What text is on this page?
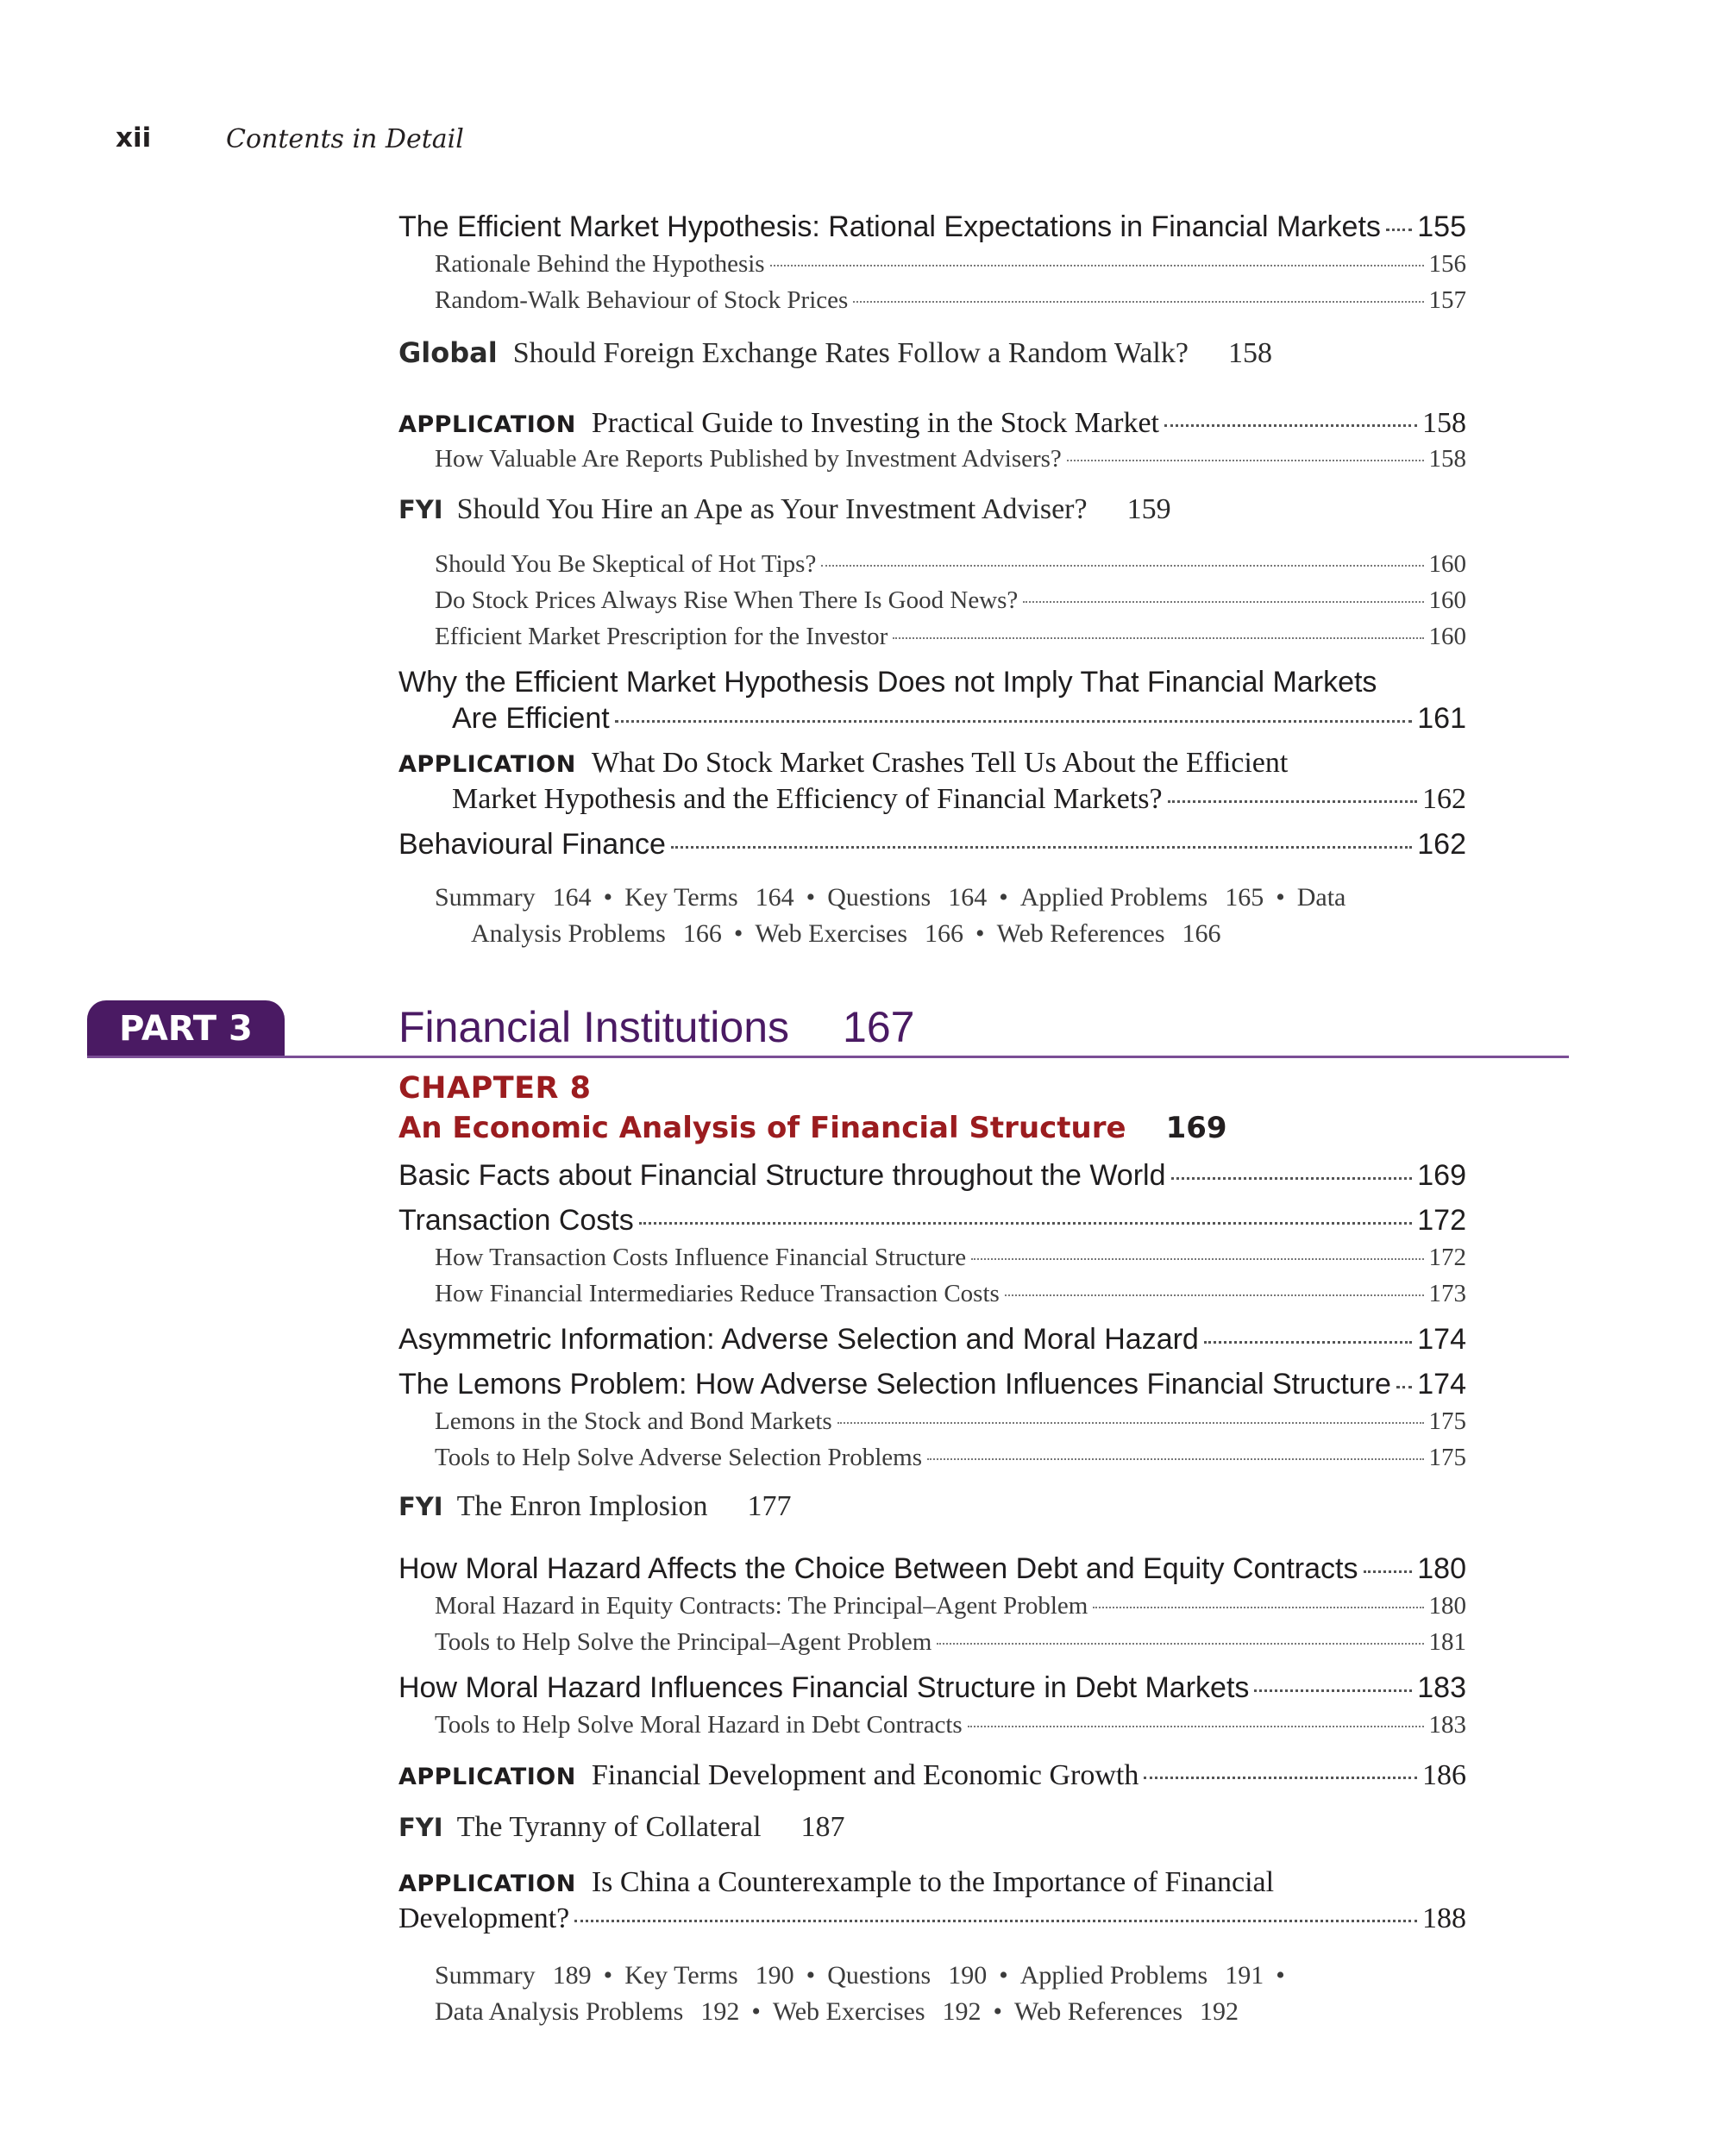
xii	Contents in Detail
The Efficient Market Hypothesis: Rational Expectations in Financial Markets 155
Rationale Behind the Hypothesis	156
Random-Walk Behaviour of Stock Prices	157
Global Should Foreign Exchange Rates Follow a Random Walk? 158
APPLICATION Practical Guide to Investing in the Stock Market	158
How Valuable Are Reports Published by Investment Advisers?	158
FYI Should You Hire an Ape as Your Investment Adviser? 159
Should You Be Skeptical of Hot Tips?	160
Do Stock Prices Always Rise When There Is Good News?	160
Efficient Market Prescription for the Investor	160
Why the Efficient Market Hypothesis Does not Imply That Financial Markets
Are Efficient	161
APPLICATION What Do Stock Market Crashes Tell Us About the Efficient
Market Hypothesis and the Efficiency of Financial Markets?	162
Behavioural Finance	162
Summary 164 • Key Terms 164 • Questions 164 • Applied Problems 165 • Data
Analysis Problems 166 • Web Exercises 166 • Web References 166
PART 3	Financial Institutions 167
CHAPTER 8
An Economic Analysis of Financial Structure 169
Basic Facts about Financial Structure throughout the World	169
Transaction Costs	172
How Transaction Costs Influence Financial Structure	172
How Financial Intermediaries Reduce Transaction Costs	173
Asymmetric Information: Adverse Selection and Moral Hazard	174
The Lemons Problem: How Adverse Selection Influences Financial Structure 174
Lemons in the Stock and Bond Markets	175
Tools to Help Solve Adverse Selection Problems	175
FYI The Enron Implosion 177
How Moral Hazard Affects the Choice Between Debt and Equity Contracts 180
Moral Hazard in Equity Contracts: The Principal–Agent Problem	180
Tools to Help Solve the Principal–Agent Problem	181
How Moral Hazard Influences Financial Structure in Debt Markets	183
Tools to Help Solve Moral Hazard in Debt Contracts	183
APPLICATION Financial Development and Economic Growth	186
FYI The Tyranny of Collateral 187
APPLICATION Is China a Counterexample to the Importance of Financial
Development?	188
Summary 189 • Key Terms 190 • Questions 190 • Applied Problems 191 •
Data Analysis Problems 192 • Web Exercises 192 • Web References 192
